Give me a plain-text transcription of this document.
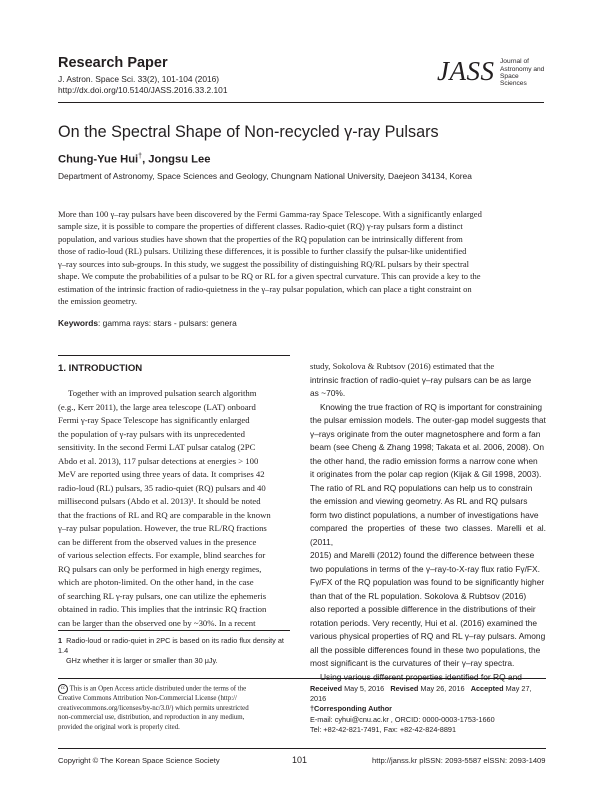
Research Paper
J. Astron. Space Sci. 33(2), 101-104 (2016)
http://dx.doi.org/10.5140/JASS.2016.33.2.101
JASS Journal of
Astronomy and
Space Sciences
On the Spectral Shape of Non-recycled γ-ray Pulsars
Chung-Yue Hui†, Jongsu Lee
Department of Astronomy, Space Sciences and Geology, Chungnam National University, Daejeon 34134, Korea
More than 100 γ–ray pulsars have been discovered by the Fermi Gamma-ray Space Telescope. With a significantly enlarged
sample size, it is possible to compare the properties of different classes. Radio-quiet (RQ) γ-ray pulsars form a distinct
population, and various studies have shown that the properties of the RQ population can be intrinsically different from
those of radio-loud (RL) pulsars. Utilizing these differences, it is possible to further classify the pulsar-like unidentified
γ–ray sources into sub-groups. In this study, we suggest the possibility of distinguishing RQ/RL pulsars by their spectral
shape. We compute the probabilities of a pulsar to be RQ or RL for a given spectral curvature. This can provide a key to the
estimation of the intrinsic fraction of radio-quietness in the γ–ray pulsar population, which can place a tight constraint on
the emission geometry.
Keywords: gamma rays: stars - pulsars: genera
1. INTRODUCTION

Together with an improved pulsation search algorithm

(e.g., Kerr 2011), the large area telescope (LAT) onboard

Fermi γ-ray Space Telescope has significantly enlarged

the population of γ-ray pulsars with its unprecedented

sensitivity. In the second Fermi LAT pulsar catalog (2PC

Abdo et al. 2013), 117 pulsar detections at energies > 100

MeV are reported using three years of data. It comprises 42

radio-loud (RL) pulsars, 35 radio-quiet (RQ) pulsars and 40

millisecond pulsars (Abdo et al. 2013)¹. It should be noted

that the fractions of RL and RQ are comparable in the known

γ–ray pulsar population. However, the true RL/RQ fractions

can be different from the observed values in the presence

of various selection effects. For example, blind searches for

RQ pulsars can only be performed in high energy regimes,

which are photon-limited. On the other hand, in the case

of searching RL γ-ray pulsars, one can utilize the ephemeris

obtained in radio. This implies that the intrinsic RQ fraction

can be larger than the observed one by ~30%. In a recent

study, Sokolova & Rubtsov (2016) estimated that the

intrinsic fraction of radio-quiet γ–ray pulsars can be as large

as ~70%.

Knowing the true fraction of RQ is important for constraining

the pulsar emission models. The outer-gap model suggests that

γ–rays originate from the outer magnetosphere and form a fan

beam (see Cheng & Zhang 1998; Takata et al. 2006, 2008). On

the other hand, the radio emission forms a narrow cone when

it originates from the polar cap region (Kijak & Gil 1998, 2003).

The ratio of RL and RQ populations can help us to constrain

the emission and viewing geometry. As RL and RQ pulsars

form two distinct populations, a number of investigations have

compared the properties of these two classes. Marelli et al. (2011,

2015) and Marelli (2012) found the difference between these

two populations in terms of the γ–ray-to-X-ray flux ratio Fγ/FX.

Fγ/FX of the RQ population was found to be significantly higher

than that of the RL population. Sokolova & Rubtsov (2016)

also reported a possible difference in the distributions of their

rotation periods. Very recently, Hui et al. (2016) examined the

various physical properties of RQ and RL γ–ray pulsars. Among

all the possible differences found in these two populations, the

most significant is the curvatures of their γ–ray spectra.

Using various different properties identified for RQ and

1 Radio-loud or radio-quiet in 2PC is based on its radio flux density at 1.4
GHz whether it is larger or smaller than 30 μJy.
cc This is an Open Access article distributed under the terms of the
Creative Commons Attribution Non-Commercial License (http://
creativecommons.org/licenses/by-nc/3.0/) which permits unrestricted
non-commercial use, distribution, and reproduction in any medium,
provided the original work is properly cited.
Received May 5, 2016 Revised May 26, 2016 Accepted May 27, 2016
†Corresponding Author
E-mail: cyhui@cnu.ac.kr , ORCID: 0000-0003-1753-1660
Tel: +82-42-821-7491, Fax: +82-42-824-8891
Copyright © The Korean Space Science Society	101	http://janss.kr plSSN: 2093-5587 elSSN: 2093-1409
